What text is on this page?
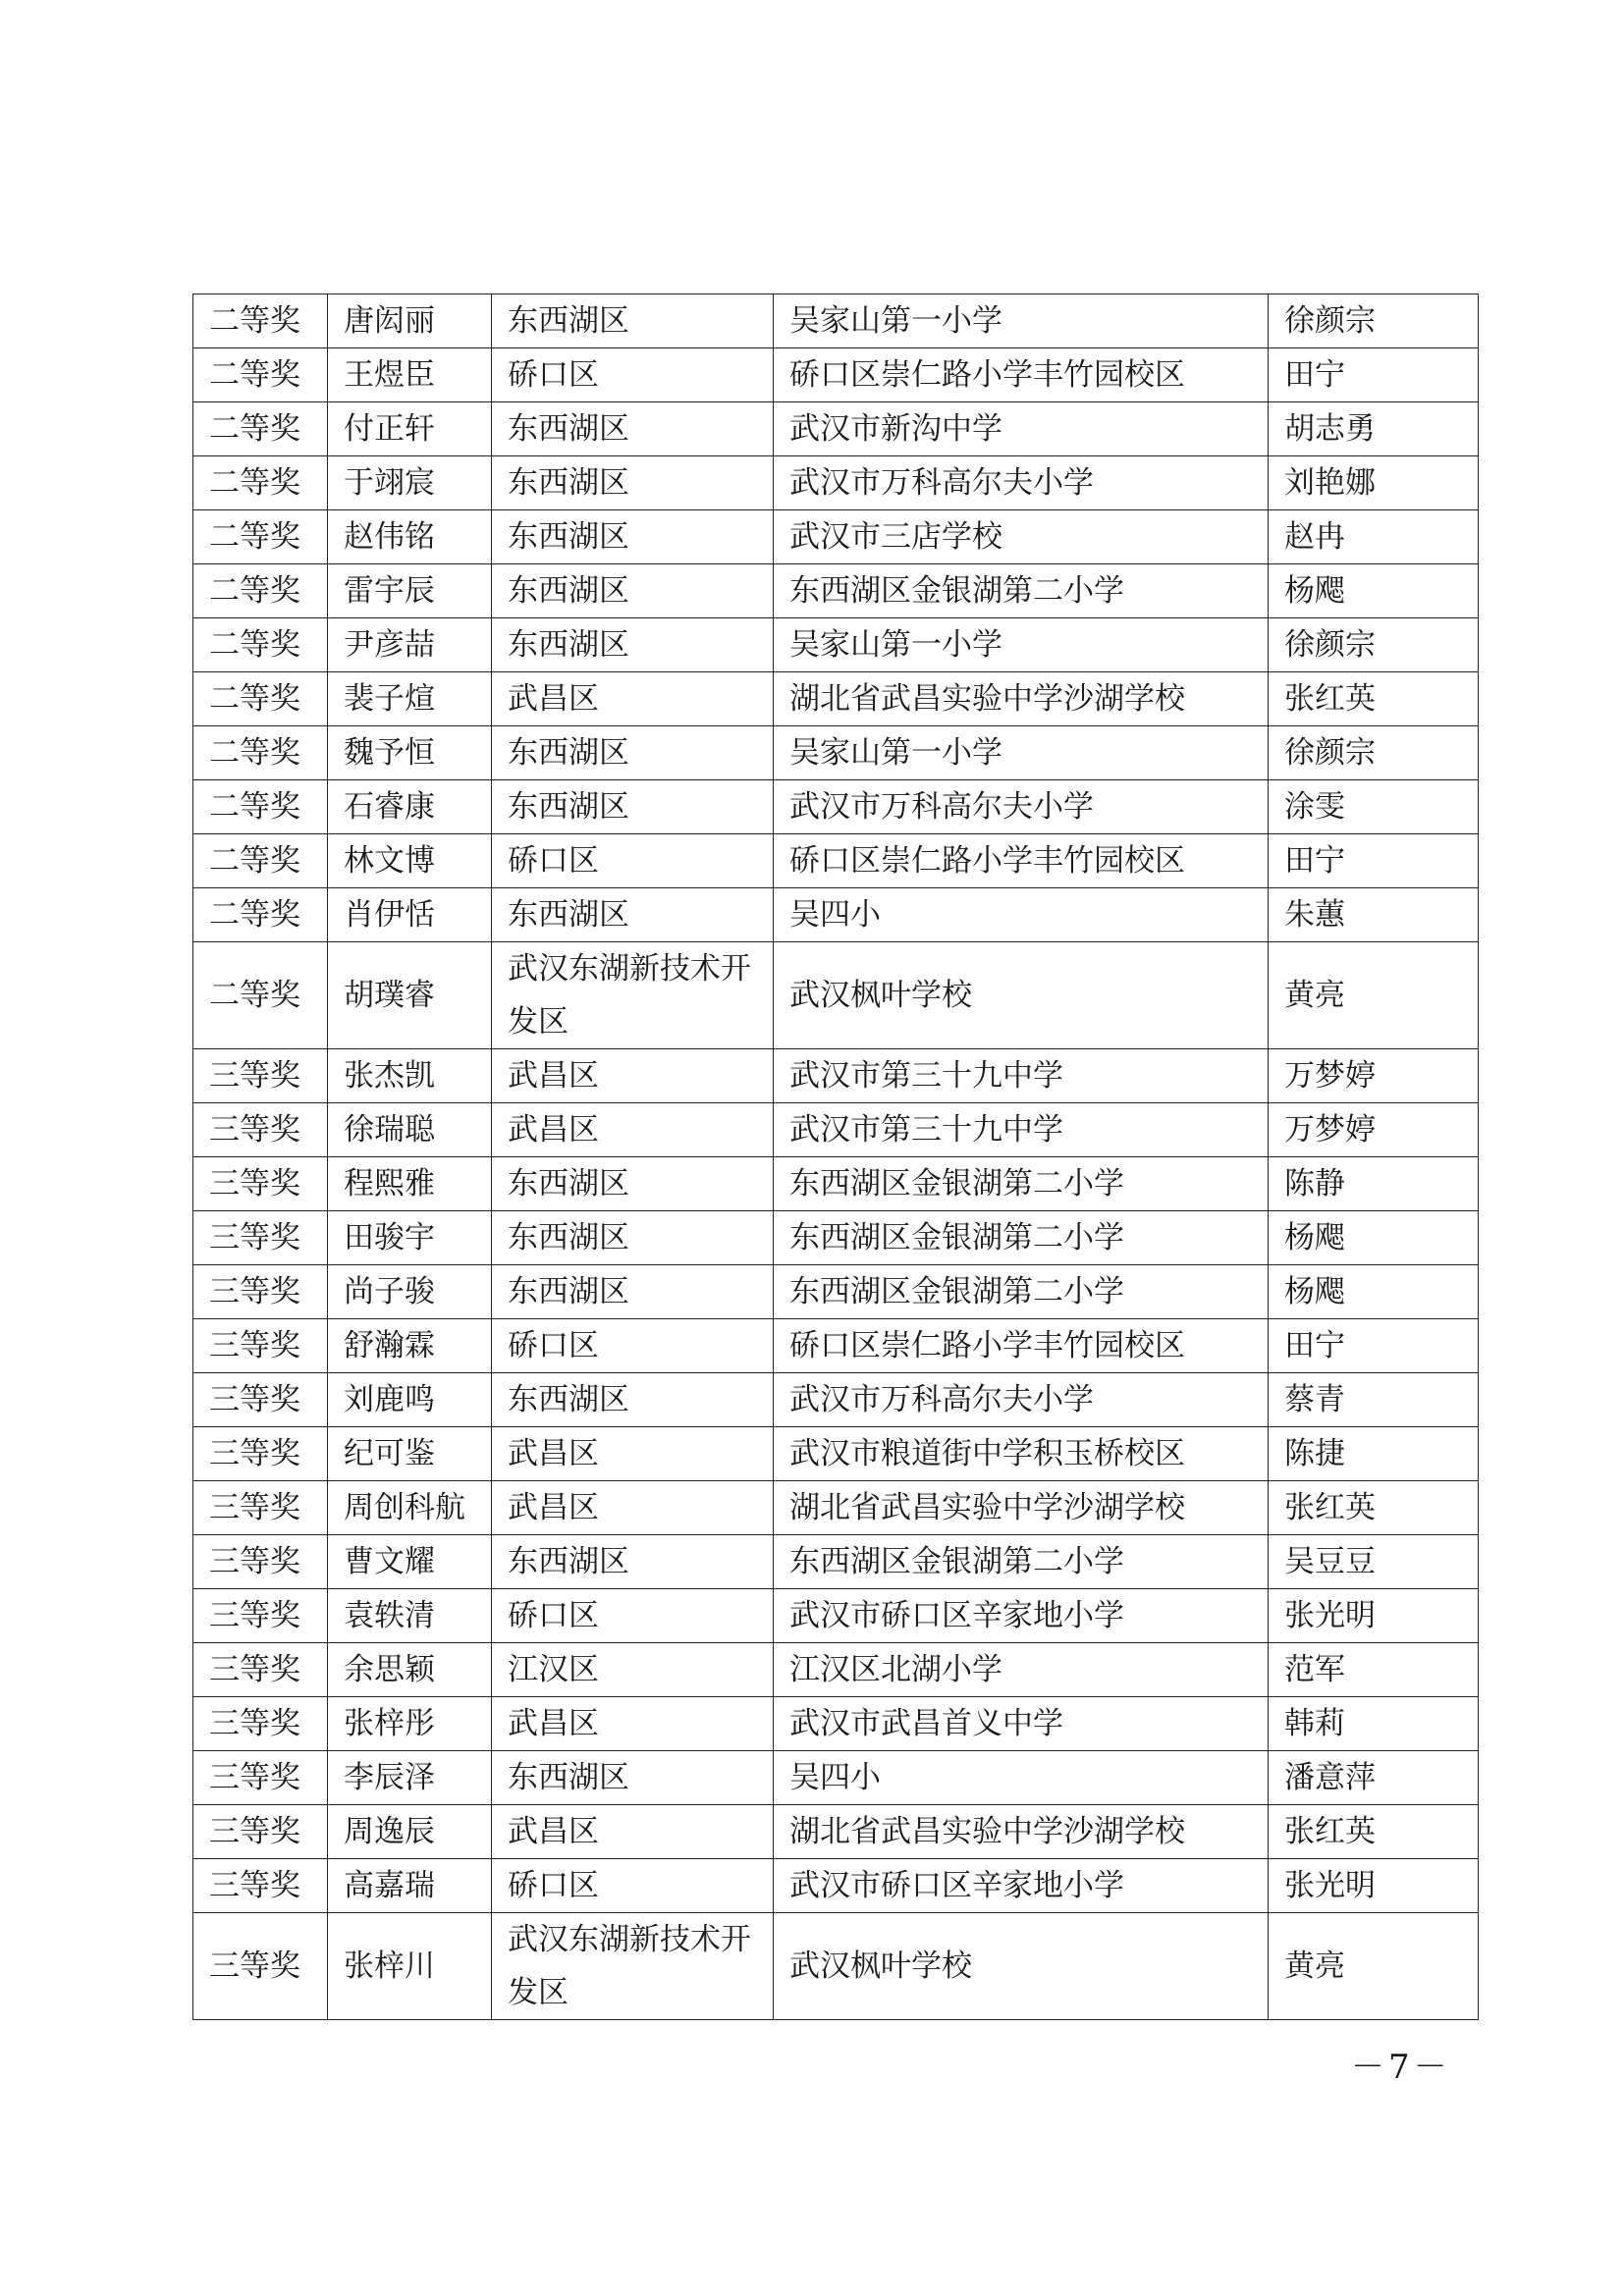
二等奖	唐闳丽	东西湖区	吴家山第一小学	徐颜宗
二等奖	王煜臣	硚口区	硚口区崇仁路小学丰竹园校区	田宁
二等奖	付正轩	东西湖区	武汉市新沟中学	胡志勇
二等奖	于翊宸	东西湖区	武汉市万科高尔夫小学	刘艳娜
二等奖	赵伟铭	东西湖区	武汉市三店学校	赵冉
二等奖	雷宇辰	东西湖区	东西湖区金银湖第二小学	杨飔
二等奖	尹彦喆	东西湖区	吴家山第一小学	徐颜宗
二等奖	裴子煊	武昌区	湖北省武昌实验中学沙湖学校	张红英
二等奖	魏予恒	东西湖区	吴家山第一小学	徐颜宗
二等奖	石睿康	东西湖区	武汉市万科高尔夫小学	涂雯
二等奖	林文博	硚口区	硚口区崇仁路小学丰竹园校区	田宁
二等奖	肖伊恬	东西湖区	吴四小	朱蕙
二等奖	胡璞睿	武汉东湖新技术开发区	武汉枫叶学校	黄亮
三等奖	张杰凯	武昌区	武汉市第三十九中学	万梦婷
三等奖	徐瑞聪	武昌区	武汉市第三十九中学	万梦婷
三等奖	程熙雅	东西湖区	东西湖区金银湖第二小学	陈静
三等奖	田骏宇	东西湖区	东西湖区金银湖第二小学	杨飔
三等奖	尚子骏	东西湖区	东西湖区金银湖第二小学	杨飔
三等奖	舒瀚霖	硚口区	硚口区崇仁路小学丰竹园校区	田宁
三等奖	刘鹿鸣	东西湖区	武汉市万科高尔夫小学	蔡青
三等奖	纪可鉴	武昌区	武汉市粮道街中学积玉桥校区	陈捷
三等奖	周创科航	武昌区	湖北省武昌实验中学沙湖学校	张红英
三等奖	曹文耀	东西湖区	东西湖区金银湖第二小学	吴豆豆
三等奖	袁轶清	硚口区	武汉市硚口区辛家地小学	张光明
三等奖	余思颖	江汉区	江汉区北湖小学	范军
三等奖	张梓彤	武昌区	武汉市武昌首义中学	韩莉
三等奖	李辰泽	东西湖区	吴四小	潘意萍
三等奖	周逸辰	武昌区	湖北省武昌实验中学沙湖学校	张红英
三等奖	高嘉瑞	硚口区	武汉市硚口区辛家地小学	张光明
三等奖	张梓川	武汉东湖新技术开发区	武汉枫叶学校	黄亮
－7－
